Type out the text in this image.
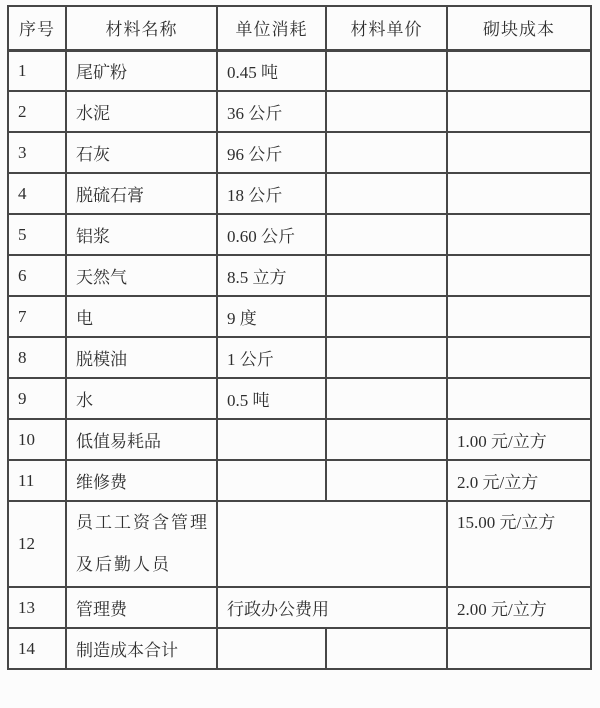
序号	材料名称	单位消耗	材料单价	砌块成本
1	尾矿粉	0.45 吨		
2	水泥	36 公斤		
3	石灰	96 公斤		
4	脱硫石膏	18 公斤		
5	铝浆	0.60 公斤		
6	天然气	8.5 立方		
7	电	9 度		
8	脱模油	1 公斤		
9	水	0.5 吨		
10	低值易耗品			1.00 元/立方
11	维修费			2.0 元/立方
12	员工工资含管理
及后勤人员			15.00 元/立方
13	管理费	行政办公费用		2.00 元/立方
14	制造成本合计			
